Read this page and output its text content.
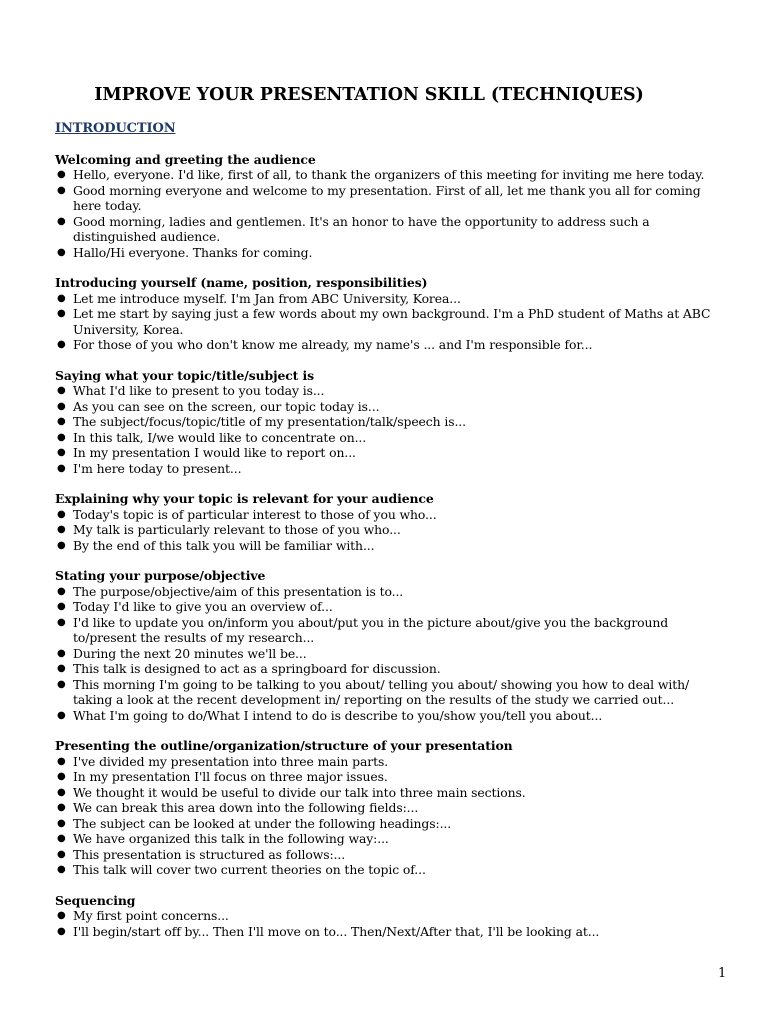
IMPROVE YOUR PRESENTATION SKILL (TECHNIQUES)
INTRODUCTION
Welcoming and greeting the audience
● Hello, everyone. I'd like, first of all, to thank the organizers of this meeting for inviting me here today.
● Good morning everyone and welcome to my presentation. First of all, let me thank you all for coming here today.
● Good morning, ladies and gentlemen. It's an honor to have the opportunity to address such a distinguished audience.
● Hallo/Hi everyone. Thanks for coming.
Introducing yourself (name, position, responsibilities)
● Let me introduce myself. I'm Jan from ABC University, Korea...
● Let me start by saying just a few words about my own background. I'm a PhD student of Maths at ABC University, Korea.
● For those of you who don't know me already, my name's ... and I'm responsible for...
Saying what your topic/title/subject is
● What I'd like to present to you today is...
● As you can see on the screen, our topic today is...
● The subject/focus/topic/title of my presentation/talk/speech is...
● In this talk, I/we would like to concentrate on...
● In my presentation I would like to report on...
● I'm here today to present...
Explaining why your topic is relevant for your audience
● Today's topic is of particular interest to those of you who...
● My talk is particularly relevant to those of you who...
● By the end of this talk you will be familiar with...
Stating your purpose/objective
● The purpose/objective/aim of this presentation is to...
● Today I'd like to give you an overview of...
● I'd like to update you on/inform you about/put you in the picture about/give you the background to/present the results of my research...
● During the next 20 minutes we'll be...
● This talk is designed to act as a springboard for discussion.
● This morning I'm going to be talking to you about/ telling you about/ showing you how to deal with/ taking a look at the recent development in/ reporting on the results of the study we carried out...
● What I'm going to do/What I intend to do is describe to you/show you/tell you about...
Presenting the outline/organization/structure of your presentation
● I've divided my presentation into three main parts.
● In my presentation I'll focus on three major issues.
● We thought it would be useful to divide our talk into three main sections.
● We can break this area down into the following fields:...
● The subject can be looked at under the following headings:...
● We have organized this talk in the following way:...
● This presentation is structured as follows:...
● This talk will cover two current theories on the topic of...
Sequencing
● My first point concerns...
● I'll begin/start off by... Then I'll move on to... Then/Next/After that, I'll be looking at...
1
